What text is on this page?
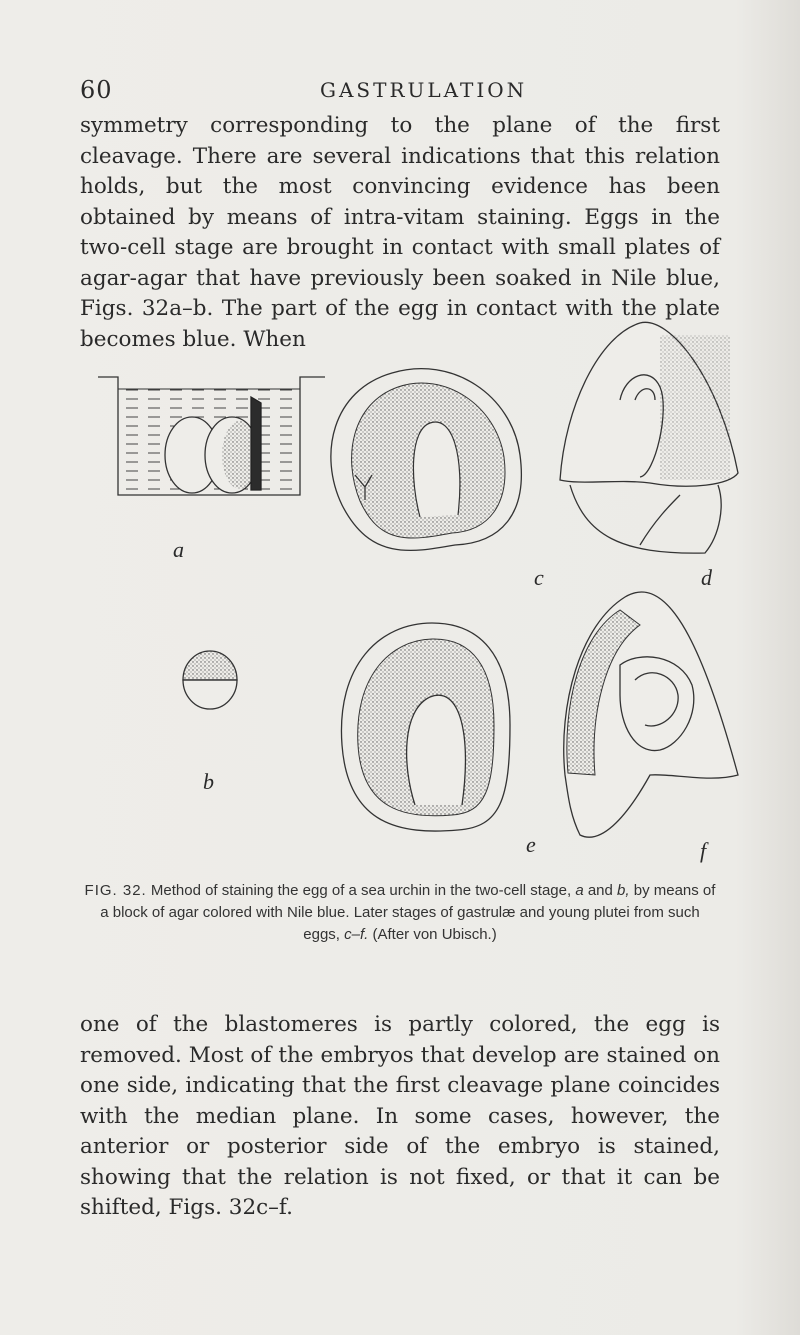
60	GASTRULATION

symmetry corresponding to the plane of the first cleavage. There are several indications that this relation holds, but the most convincing evidence has been obtained by means of intra-vitam staining. Eggs in the two-cell stage are brought in contact with small plates of agar-agar that have previously been soaked in Nile blue, Figs. 32a–b. The part of the egg in contact with the plate becomes blue. When

a
b
c	d
e	f
FIG. 32. Method of staining the egg of a sea urchin in the two-cell stage, a and b, by means of a block of agar colored with Nile blue. Later stages of gastrulæ and young plutei from such eggs, c–f. (After von Ubisch.)

one of the blastomeres is partly colored, the egg is removed. Most of the embryos that develop are stained on one side, indicating that the first cleavage plane coincides with the median plane. In some cases, however, the anterior or posterior side of the embryo is stained, showing that the relation is not fixed, or that it can be shifted, Figs. 32c–f.
